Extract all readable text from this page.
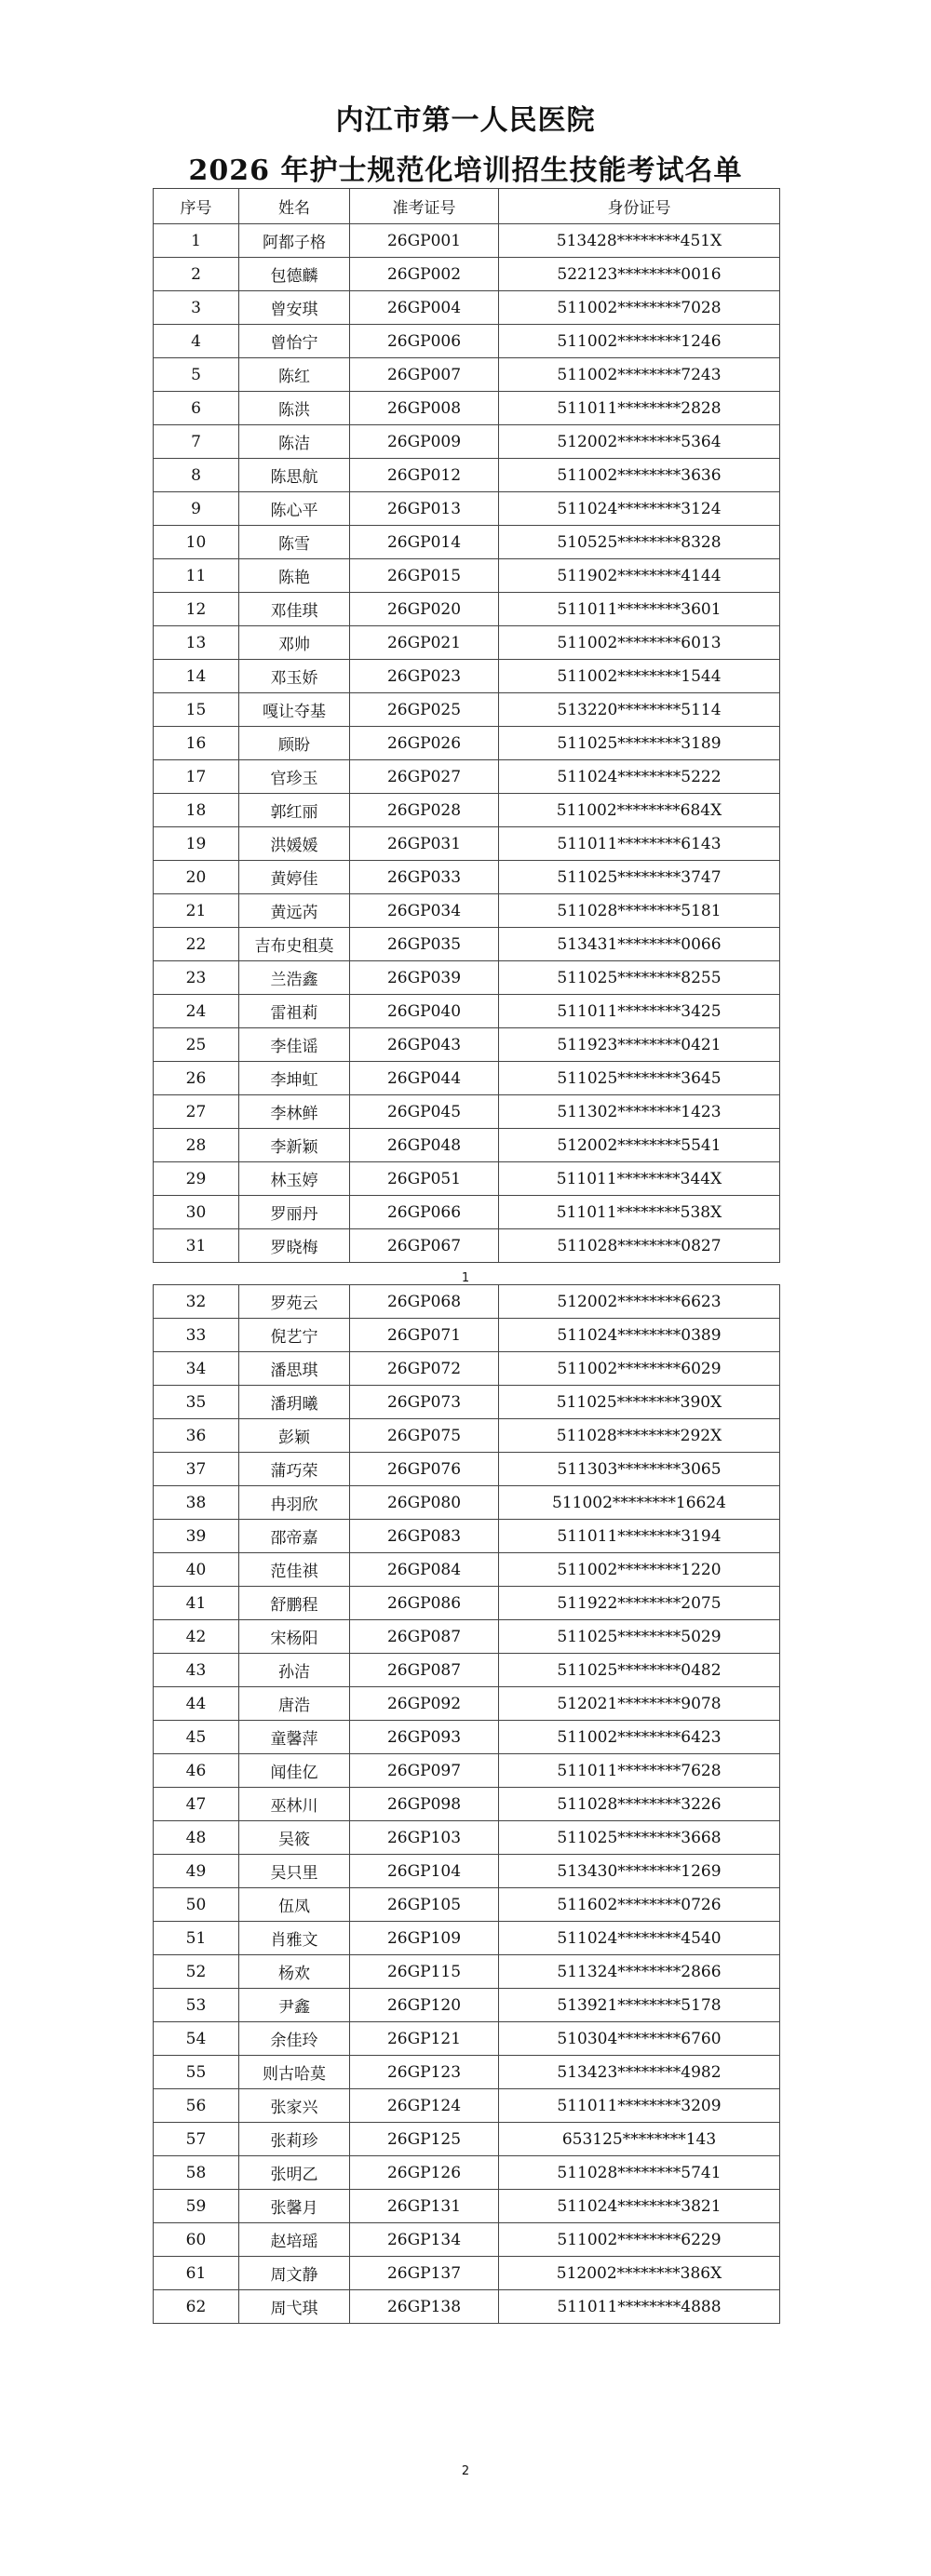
内江市第一人民医院
2026 年护士规范化培训招生技能考试名单
序号	姓名	准考证号	身份证号
1	阿都子格	26GP001	513428********451X
2	包德麟	26GP002	522123********0016
3	曾安琪	26GP004	511002********7028
4	曾怡宁	26GP006	511002********1246
5	陈红	26GP007	511002********7243
6	陈洪	26GP008	511011********2828
7	陈洁	26GP009	512002********5364
8	陈思航	26GP012	511002********3636
9	陈心平	26GP013	511024********3124
10	陈雪	26GP014	510525********8328
11	陈艳	26GP015	511902********4144
12	邓佳琪	26GP020	511011********3601
13	邓帅	26GP021	511002********6013
14	邓玉娇	26GP023	511002********1544
15	嘎让夺基	26GP025	513220********5114
16	顾盼	26GP026	511025********3189
17	官珍玉	26GP027	511024********5222
18	郭红丽	26GP028	511002********684X
19	洪媛媛	26GP031	511011********6143
20	黄婷佳	26GP033	511025********3747
21	黄远芮	26GP034	511028********5181
22	吉布史租莫	26GP035	513431********0066
23	兰浩鑫	26GP039	511025********8255
24	雷祖莉	26GP040	511011********3425
25	李佳谣	26GP043	511923********0421
26	李坤虹	26GP044	511025********3645
27	李林鲜	26GP045	511302********1423
28	李新颖	26GP048	512002********5541
29	林玉婷	26GP051	511011********344X
30	罗丽丹	26GP066	511011********538X
31	罗晓梅	26GP067	511028********0827
1
32	罗苑云	26GP068	512002********6623
33	倪艺宁	26GP071	511024********0389
34	潘思琪	26GP072	511002********6029
35	潘玥曦	26GP073	511025********390X
36	彭颖	26GP075	511028********292X
37	蒲巧荣	26GP076	511303********3065
38	冉羽欣	26GP080	511002********16624
39	邵帝嘉	26GP083	511011********3194
40	范佳祺	26GP084	511002********1220
41	舒鹏程	26GP086	511922********2075
42	宋杨阳	26GP087	511025********5029
43	孙洁	26GP087	511025********0482
44	唐浩	26GP092	512021********9078
45	童馨萍	26GP093	511002********6423
46	闻佳亿	26GP097	511011********7628
47	巫林川	26GP098	511028********3226
48	吴筱	26GP103	511025********3668
49	吴只里	26GP104	513430********1269
50	伍凤	26GP105	511602********0726
51	肖雅文	26GP109	511024********4540
52	杨欢	26GP115	511324********2866
53	尹鑫	26GP120	513921********5178
54	余佳玲	26GP121	510304********6760
55	则古哈莫	26GP123	513423********4982
56	张家兴	26GP124	511011********3209
57	张莉珍	26GP125	653125********143
58	张明乙	26GP126	511028********5741
59	张馨月	26GP131	511024********3821
60	赵培瑶	26GP134	511002********6229
61	周文静	26GP137	512002********386X
62	周弋琪	26GP138	511011********4888
2
